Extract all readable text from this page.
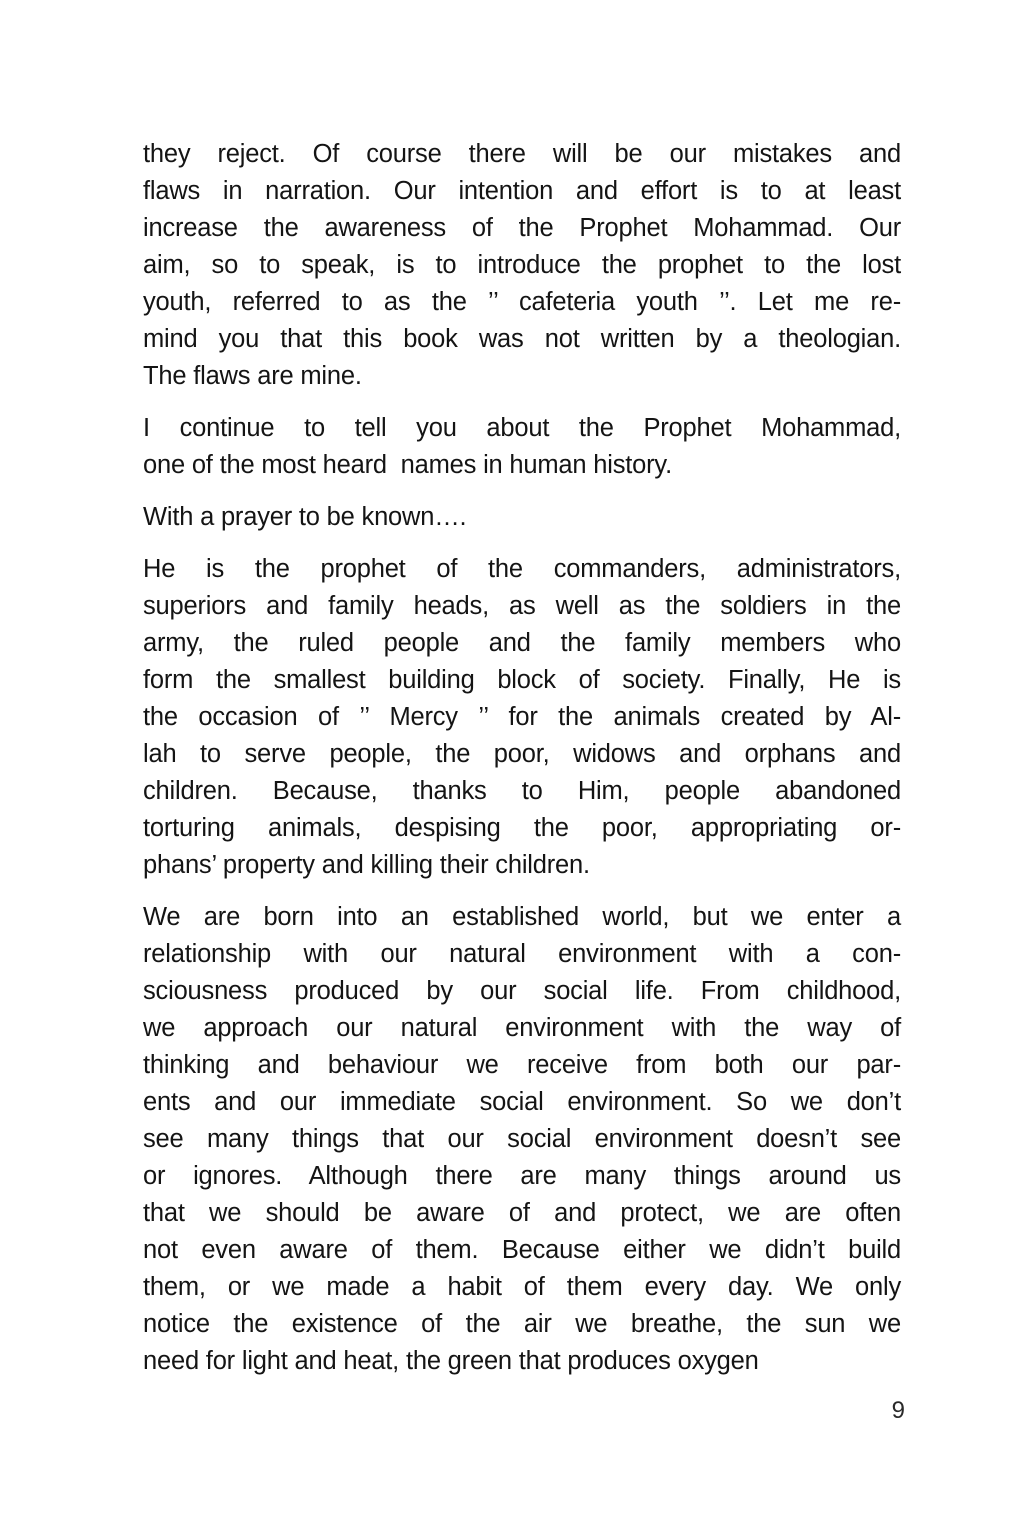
they reject. Of course there will be our mistakes and
flaws in narration. Our intention and effort is to at least
increase the awareness of the Prophet Mohammad. Our
aim, so to speak, is to introduce the prophet to the lost
youth, referred to as the ’’ cafeteria youth ’’. Let me re-
mind you that this book was not written by a theologian.
The flaws are mine.

I continue to tell you about the Prophet Mohammad,
one of the most heard  names in human history.

With a prayer to be known….

He is the prophet of the commanders, administrators,
superiors and family heads, as well as the soldiers in the
army, the ruled people and the family members who
form the smallest building block of society. Finally, He is
the occasion of ’’ Mercy ’’ for the animals created by Al-
lah to serve people, the poor, widows and orphans and
children. Because, thanks to Him, people abandoned
torturing animals, despising the poor, appropriating or-
phans’ property and killing their children.

We are born into an established world, but we enter a
relationship with our natural environment with a con-
sciousness produced by our social life. From childhood,
we approach our natural environment with the way of
thinking and behaviour we receive from both our par-
ents and our immediate social environment. So we don’t
see many things that our social environment doesn’t see
or ignores. Although there are many things around us
that we should be aware of and protect, we are often
not even aware of them. Because either we didn’t build
them, or we made a habit of them every day. We only
notice the existence of the air we breathe, the sun we
need for light and heat, the green that produces oxygen

9
